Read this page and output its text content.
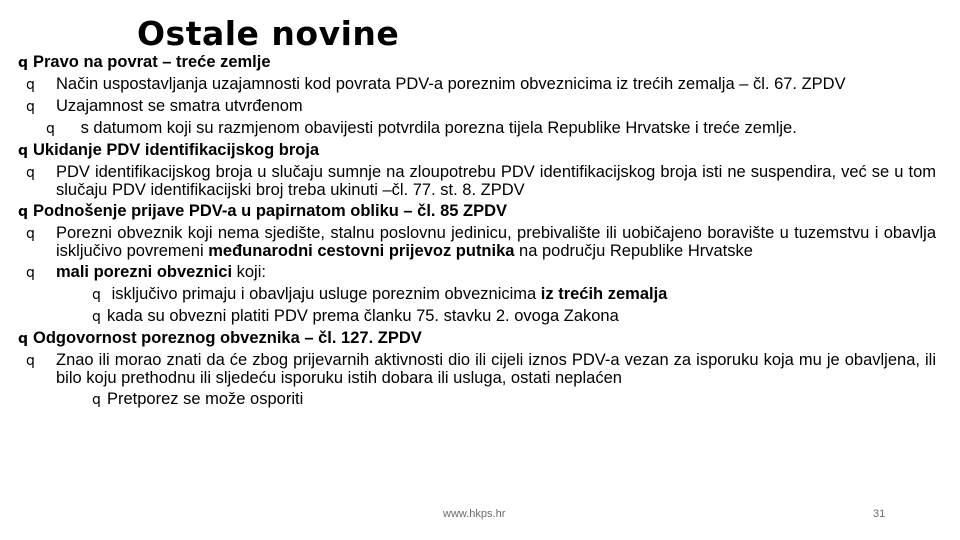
Ostale novine
q Pravo na povrat – treće zemlje
q Način uspostavljanja uzajamnosti kod povrata PDV-a poreznim obveznicima iz trećih zemalja – čl. 67. ZPDV
q Uzajamnost se smatra utvrđenom
q s datumom koji su razmjenom obavijesti potvrdila porezna tijela Republike Hrvatske i treće zemlje.
q Ukidanje PDV identifikacijskog broja
q PDV identifikacijskog broja u slučaju sumnje na zloupotrebu PDV identifikacijskog broja isti ne suspendira, već se u tom slučaju PDV identifikacijski broj treba ukinuti –čl. 77. st. 8. ZPDV
q Podnošenje prijave PDV-a u papirnatom obliku – čl. 85 ZPDV
q Porezni obveznik koji nema sjedište, stalnu poslovnu jedinicu, prebivalište ili uobičajeno boravište u tuzemstvu i obavlja isključivo povremeni međunarodni cestovni prijevoz putnika na području Republike Hrvatske
q mali porezni obveznici koji:
q isključivo primaju i obavljaju usluge poreznim obveznicima iz trećih zemalja
q kada su obvezni platiti PDV prema članku 75. stavku 2. ovoga Zakona
q Odgovornost poreznog obveznika – čl. 127. ZPDV
q Znao ili morao znati da će zbog prijevarnih aktivnosti dio ili cijeli iznos PDV-a vezan za isporuku koja mu je obavljena, ili bilo koju prethodnu ili sljedeću isporuku istih dobara ili usluga, ostati neplaćen
q Pretporez se može osporiti
www.hkps.hr	31
